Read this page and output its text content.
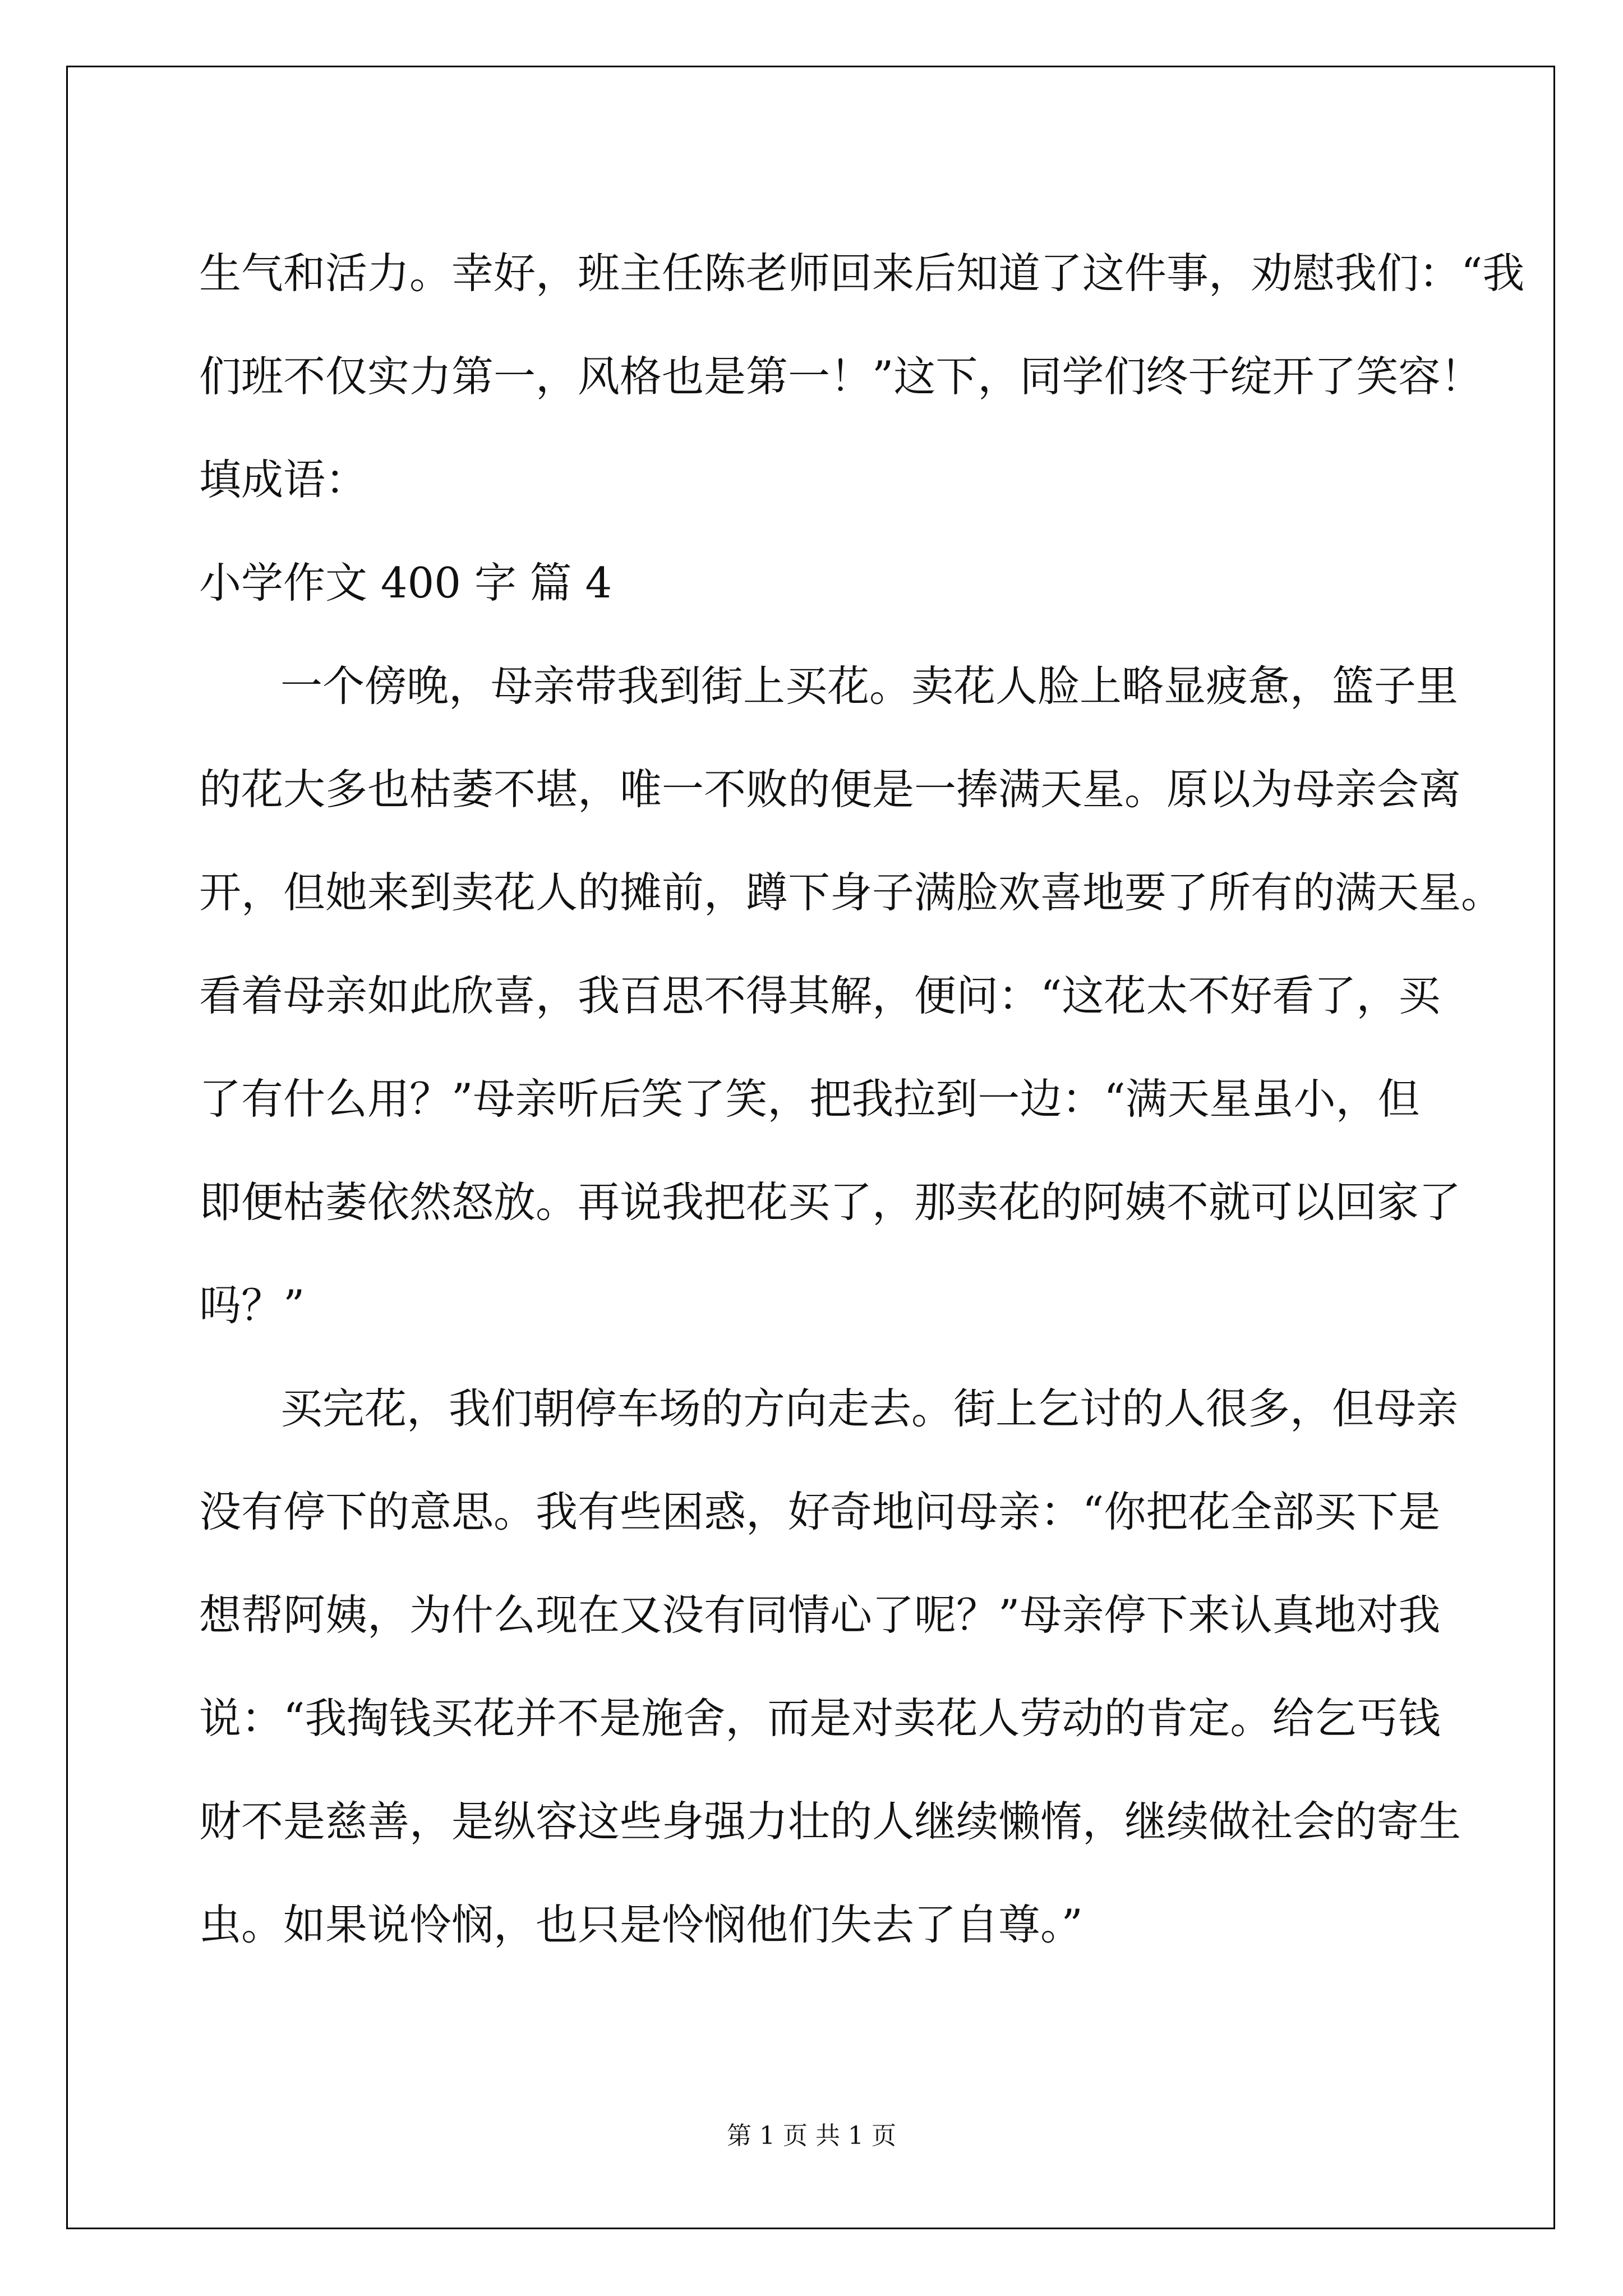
生气和活力。幸好，班主任陈老师回来后知道了这件事，劝慰我们：“我
们班不仅实力第一，风格也是第一！”这下，同学们终于绽开了笑容！
填成语：
小学作文 400 字 篇 4
一个傍晚，母亲带我到街上买花。卖花人脸上略显疲惫，篮子里
的花大多也枯萎不堪，唯一不败的便是一捧满天星。原以为母亲会离
开，但她来到卖花人的摊前，蹲下身子满脸欢喜地要了所有的满天星。
看着母亲如此欣喜，我百思不得其解，便问：“这花太不好看了，买
了有什么用？”母亲听后笑了笑，把我拉到一边：“满天星虽小，但
即便枯萎依然怒放。再说我把花买了，那卖花的阿姨不就可以回家了
吗？”
买完花，我们朝停车场的方向走去。街上乞讨的人很多，但母亲
没有停下的意思。我有些困惑，好奇地问母亲：“你把花全部买下是
想帮阿姨，为什么现在又没有同情心了呢？”母亲停下来认真地对我
说：“我掏钱买花并不是施舍，而是对卖花人劳动的肯定。给乞丐钱
财不是慈善，是纵容这些身强力壮的人继续懒惰，继续做社会的寄生
虫。如果说怜悯，也只是怜悯他们失去了自尊。”
第 1 页 共 1 页
